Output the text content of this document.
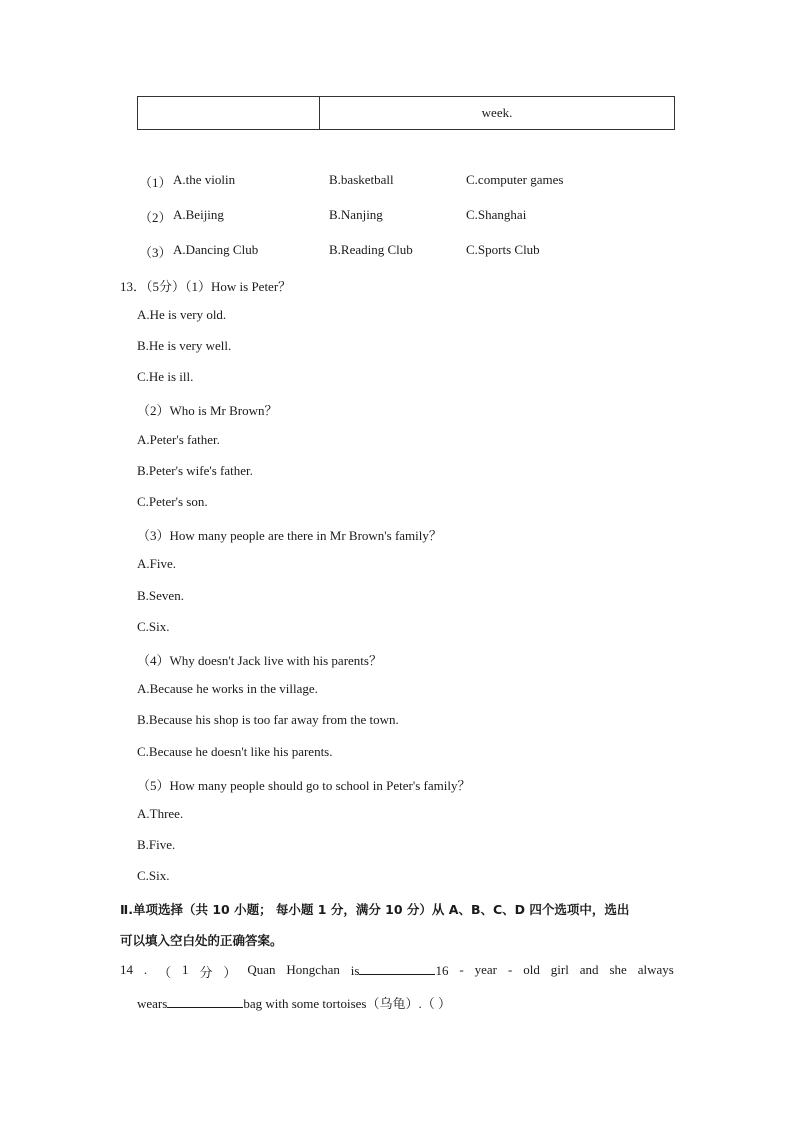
week.
（1） A.the violin	B.basketball	C.computer games
（2） A.Beijing	B.Nanjing	C.Shanghai
（3） A.Dancing Club	B.Reading Club	C.Sports Club
13．（5分）（1）How is Peter？
A.He is very old.
B.He is very well.
C.He is ill.
（2）Who is Mr Brown？
A.Peter's father.
B.Peter's wife's father.
C.Peter's son.
（3）How many people are there in Mr Brown's family？
A.Five.
B.Seven.
C.Six.
（4）Why doesn't Jack live with his parents？
A.Because he works in the village.
B.Because his shop is too far away from the town.
C.Because he doesn't like his parents.
（5）How many people should go to school in Peter's family？
A.Three.
B.Five.
C.Six.
Ⅱ.单项选择（共 10 小题； 每小题 1 分，满分 10 分）从 A、B、C、D 四个选项中，选出
可以填入空白处的正确答案。
14 . （ 1 分 ） Quan Hongchan is	16 - year - old girl and she always
wears	bag with some tortoises（乌龟）.（ ）
